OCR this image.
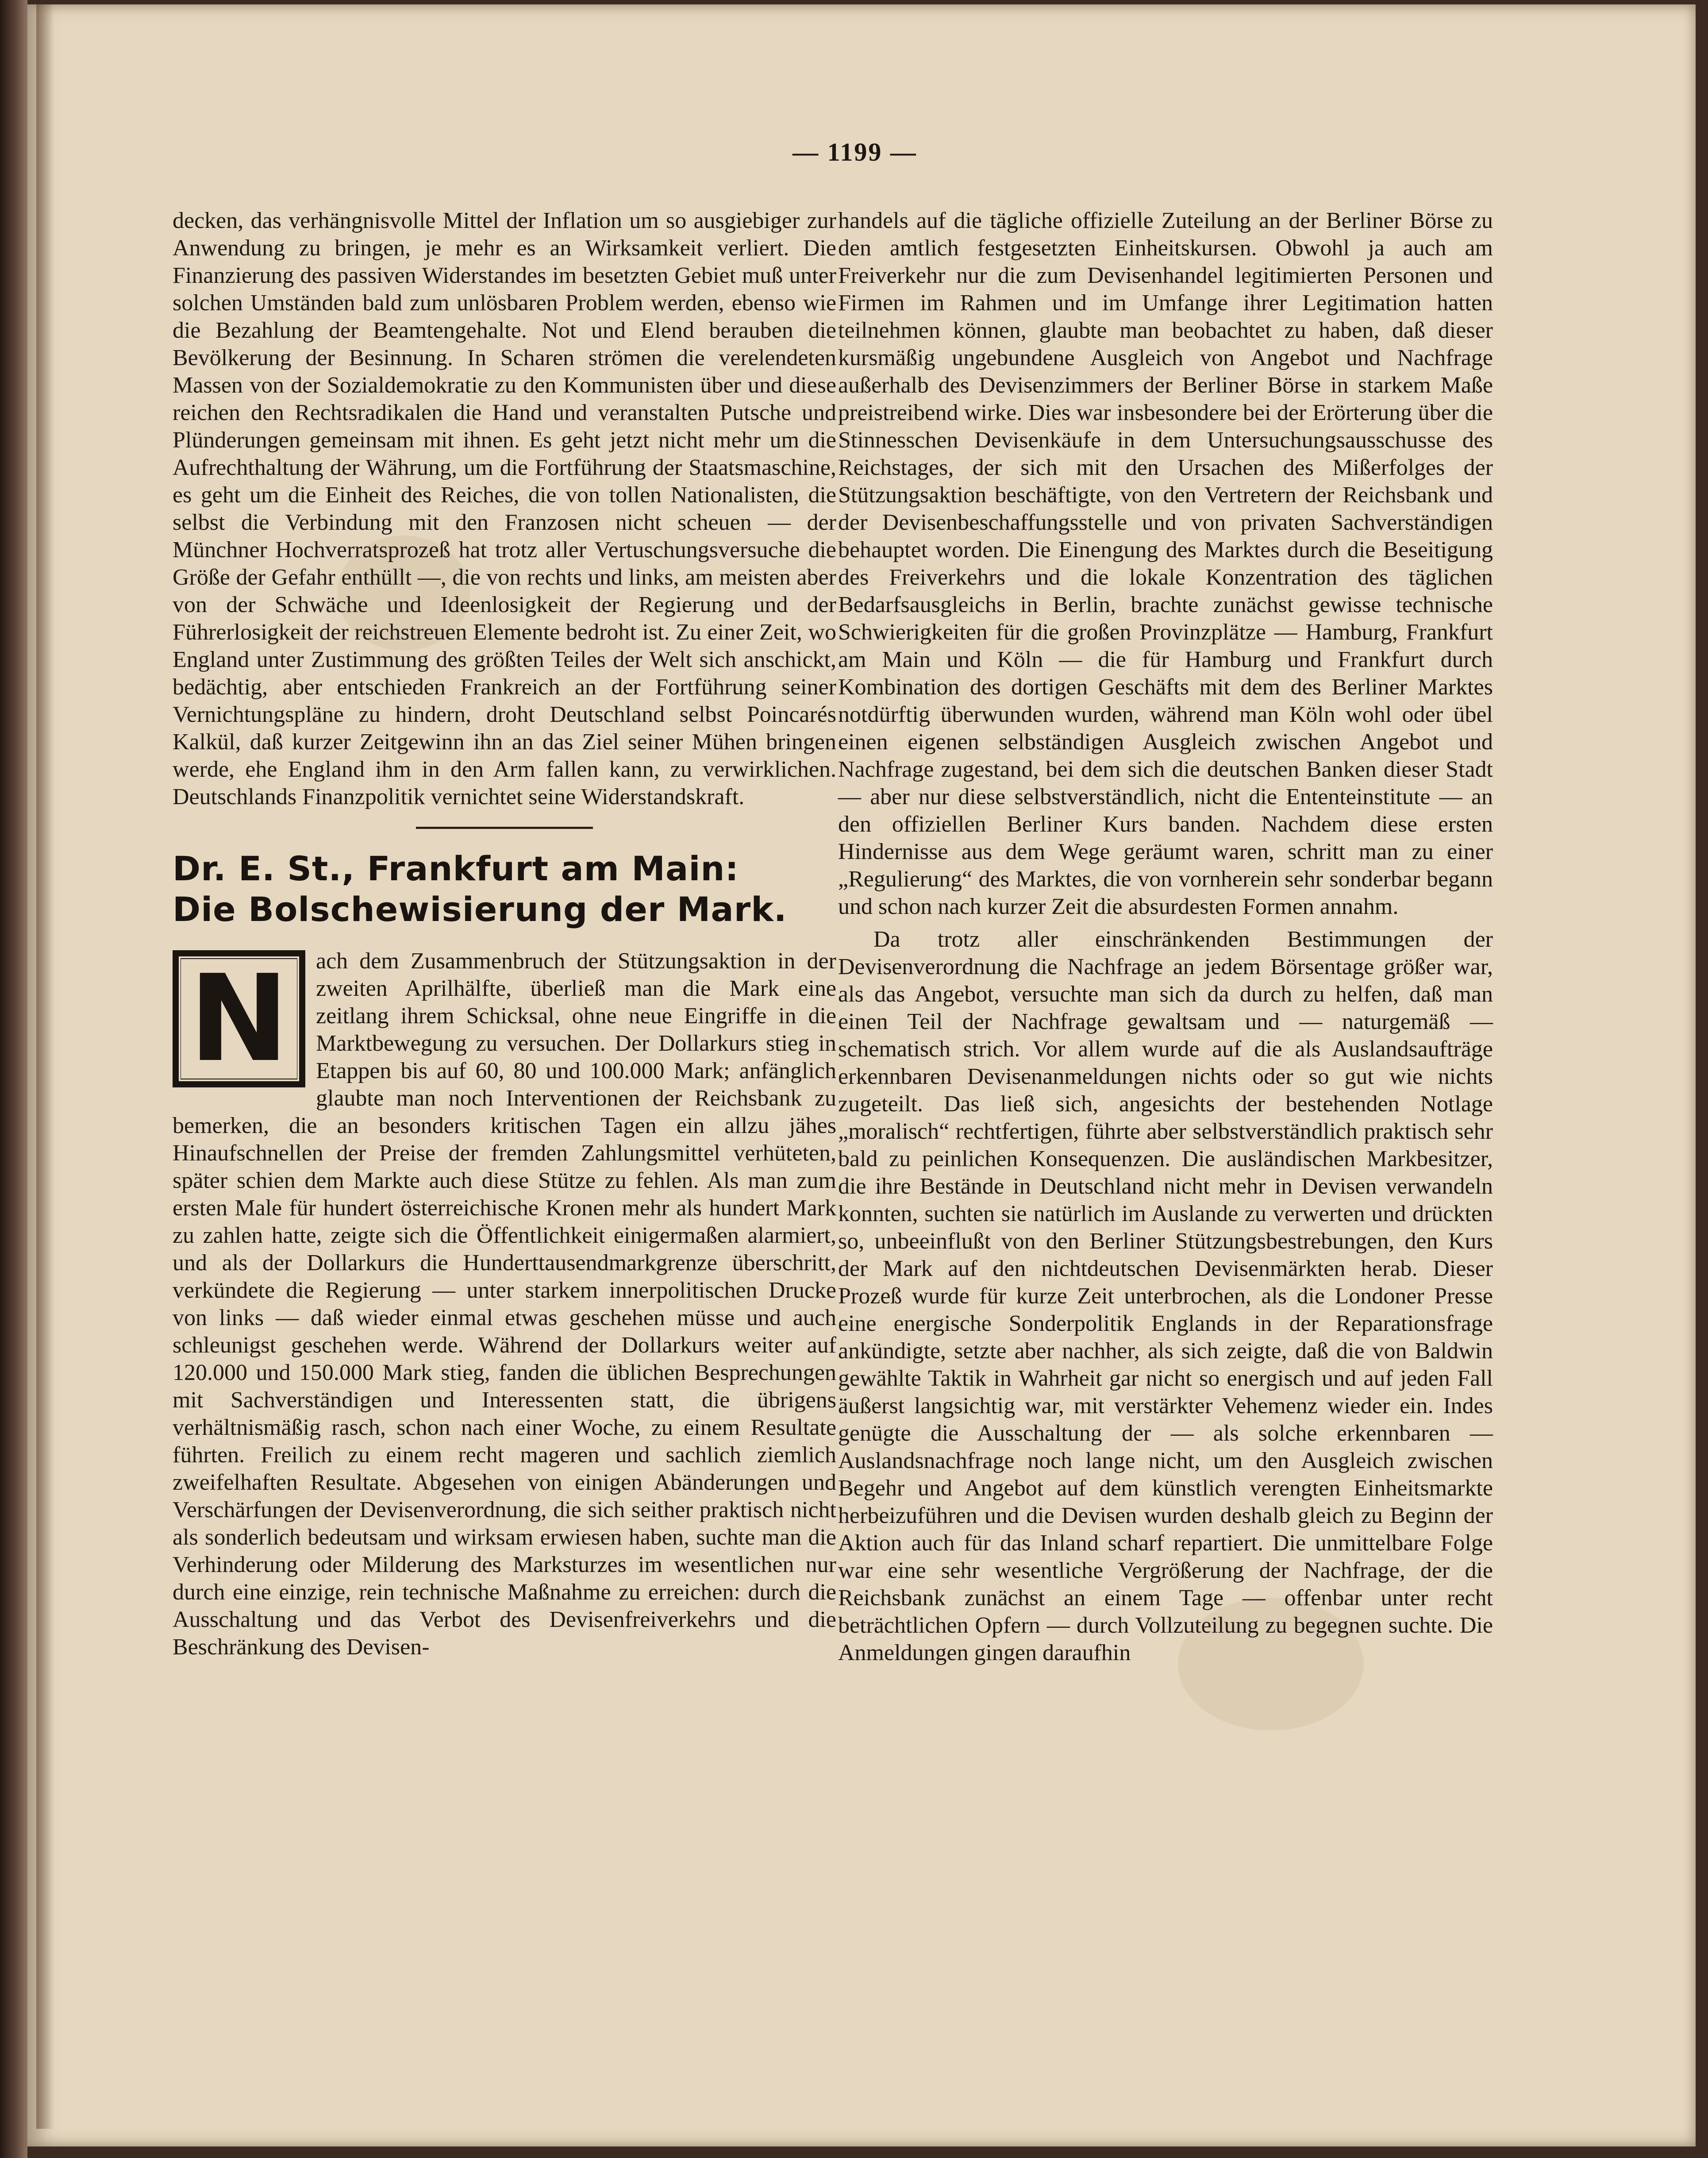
— 1199 —

decken, das verhängnisvolle Mittel der Inflation um so ausgiebiger zur Anwendung zu bringen, je mehr es an Wirksamkeit verliert. Die Finanzierung des passiven Widerstandes im besetzten Gebiet muß unter solchen Umständen bald zum unlösbaren Problem werden, ebenso wie die Bezahlung der Beamtengehalte. Not und Elend berauben die Bevölkerung der Besinnung. In Scharen strömen die verelendeten Massen von der Sozialdemokratie zu den Kommunisten über und diese reichen den Rechtsradikalen die Hand und veranstalten Putsche und Plünderungen gemeinsam mit ihnen. Es geht jetzt nicht mehr um die Aufrechthaltung der Währung, um die Fortführung der Staatsmaschine, es geht um die Einheit des Reiches, die von tollen Nationalisten, die selbst die Verbindung mit den Franzosen nicht scheuen — der Münchner Hochverratsprozeß hat trotz aller Vertuschungsversuche die Größe der Gefahr enthüllt —, die von rechts und links, am meisten aber von der Schwäche und Ideenlosigkeit der Regierung und der Führerlosigkeit der reichstreuen Elemente bedroht ist. Zu einer Zeit, wo England unter Zustimmung des größten Teiles der Welt sich anschickt, bedächtig, aber entschieden Frankreich an der Fortführung seiner Vernichtungspläne zu hindern, droht Deutschland selbst Poincarés Kalkül, daß kurzer Zeitgewinn ihn an das Ziel seiner Mühen bringen werde, ehe England ihm in den Arm fallen kann, zu verwirklichen. Deutschlands Finanzpolitik vernichtet seine Widerstandskraft.

Dr. E. St., Frankfurt am Main:
Die Bolschewisierung der Mark.
N	ach dem Zusammenbruch der Stützungsaktion in der zweiten Aprilhälfte, überließ man die Mark eine zeitlang ihrem Schicksal, ohne neue Eingriffe in die Marktbewegung zu versuchen. Der Dollarkurs stieg in Etappen bis auf 60, 80 und 100.000 Mark; anfänglich glaubte man noch Interventionen der Reichsbank zu bemerken, die an besonders kritischen Tagen ein allzu jähes Hinaufschnellen der Preise der fremden Zahlungsmittel verhüteten, später schien dem Markte auch diese Stütze zu fehlen. Als man zum ersten Male für hundert österreichische Kronen mehr als hundert Mark zu zahlen hatte, zeigte sich die Öffentlichkeit einigermaßen alarmiert, und als der Dollarkurs die Hunderttausendmarkgrenze überschritt, verkündete die Regierung — unter starkem innerpolitischen Drucke von links — daß wieder einmal etwas geschehen müsse und auch schleunigst geschehen werde. Während der Dollarkurs weiter auf 120.000 und 150.000 Mark stieg, fanden die üblichen Besprechungen mit Sachverständigen und Interessenten statt, die übrigens verhältnismäßig rasch, schon nach einer Woche, zu einem Resultate führten. Freilich zu einem recht mageren und sachlich ziemlich zweifelhaften Resultate. Abgesehen von einigen Abänderungen und Verschärfungen der Devisenverordnung, die sich seither praktisch nicht als sonderlich bedeutsam und wirksam erwiesen haben, suchte man die Verhinderung oder Milderung des Marksturzes im wesentlichen nur durch eine einzige, rein technische Maßnahme zu erreichen: durch die Ausschaltung und das Verbot des Devisenfreiverkehrs und die Beschränkung des Devisen-

handels auf die tägliche offizielle Zuteilung an der Berliner Börse zu den amtlich festgesetzten Einheitskursen. Obwohl ja auch am Freiverkehr nur die zum Devisenhandel legitimierten Personen und Firmen im Rahmen und im Umfange ihrer Legitimation hatten teilnehmen können, glaubte man beobachtet zu haben, daß dieser kursmäßig ungebundene Ausgleich von Angebot und Nachfrage außerhalb des Devisenzimmers der Berliner Börse in starkem Maße preistreibend wirke. Dies war insbesondere bei der Erörterung über die Stinnesschen Devisenkäufe in dem Untersuchungsausschusse des Reichstages, der sich mit den Ursachen des Mißerfolges der Stützungsaktion beschäftigte, von den Vertretern der Reichsbank und der Devisenbeschaffungsstelle und von privaten Sachverständigen behauptet worden. Die Einengung des Marktes durch die Beseitigung des Freiverkehrs und die lokale Konzentration des täglichen Bedarfsausgleichs in Berlin, brachte zunächst gewisse technische Schwierigkeiten für die großen Provinzplätze — Hamburg, Frankfurt am Main und Köln — die für Hamburg und Frankfurt durch Kombination des dortigen Geschäfts mit dem des Berliner Marktes notdürftig überwunden wurden, während man Köln wohl oder übel einen eigenen selbständigen Ausgleich zwischen Angebot und Nachfrage zugestand, bei dem sich die deutschen Banken dieser Stadt — aber nur diese selbstverständlich, nicht die Ententeinstitute — an den offiziellen Berliner Kurs banden. Nachdem diese ersten Hindernisse aus dem Wege geräumt waren, schritt man zu einer „Regulierung“ des Marktes, die von vornherein sehr sonderbar begann und schon nach kurzer Zeit die absurdesten Formen annahm.

Da trotz aller einschränkenden Bestimmungen der Devisenverordnung die Nachfrage an jedem Börsentage größer war, als das Angebot, versuchte man sich da durch zu helfen, daß man einen Teil der Nachfrage gewaltsam und — naturgemäß — schematisch strich. Vor allem wurde auf die als Auslandsaufträge erkennbaren Devisenanmeldungen nichts oder so gut wie nichts zugeteilt. Das ließ sich, angesichts der bestehenden Notlage „moralisch“ rechtfertigen, führte aber selbstverständlich praktisch sehr bald zu peinlichen Konsequenzen. Die ausländischen Markbesitzer, die ihre Bestände in Deutschland nicht mehr in Devisen verwandeln konnten, suchten sie natürlich im Auslande zu verwerten und drückten so, unbeeinflußt von den Berliner Stützungsbestrebungen, den Kurs der Mark auf den nichtdeutschen Devisenmärkten herab. Dieser Prozeß wurde für kurze Zeit unterbrochen, als die Londoner Presse eine energische Sonderpolitik Englands in der Reparationsfrage ankündigte, setzte aber nachher, als sich zeigte, daß die von Baldwin gewählte Taktik in Wahrheit gar nicht so energisch und auf jeden Fall äußerst langsichtig war, mit verstärkter Vehemenz wieder ein. Indes genügte die Ausschaltung der — als solche erkennbaren — Auslandsnachfrage noch lange nicht, um den Ausgleich zwischen Begehr und Angebot auf dem künstlich verengten Einheitsmarkte herbeizuführen und die Devisen wurden deshalb gleich zu Beginn der Aktion auch für das Inland scharf repartiert. Die unmittelbare Folge war eine sehr wesentliche Vergrößerung der Nachfrage, der die Reichsbank zunächst an einem Tage — offenbar unter recht beträchtlichen Opfern — durch Vollzuteilung zu begegnen suchte. Die Anmeldungen gingen daraufhin
